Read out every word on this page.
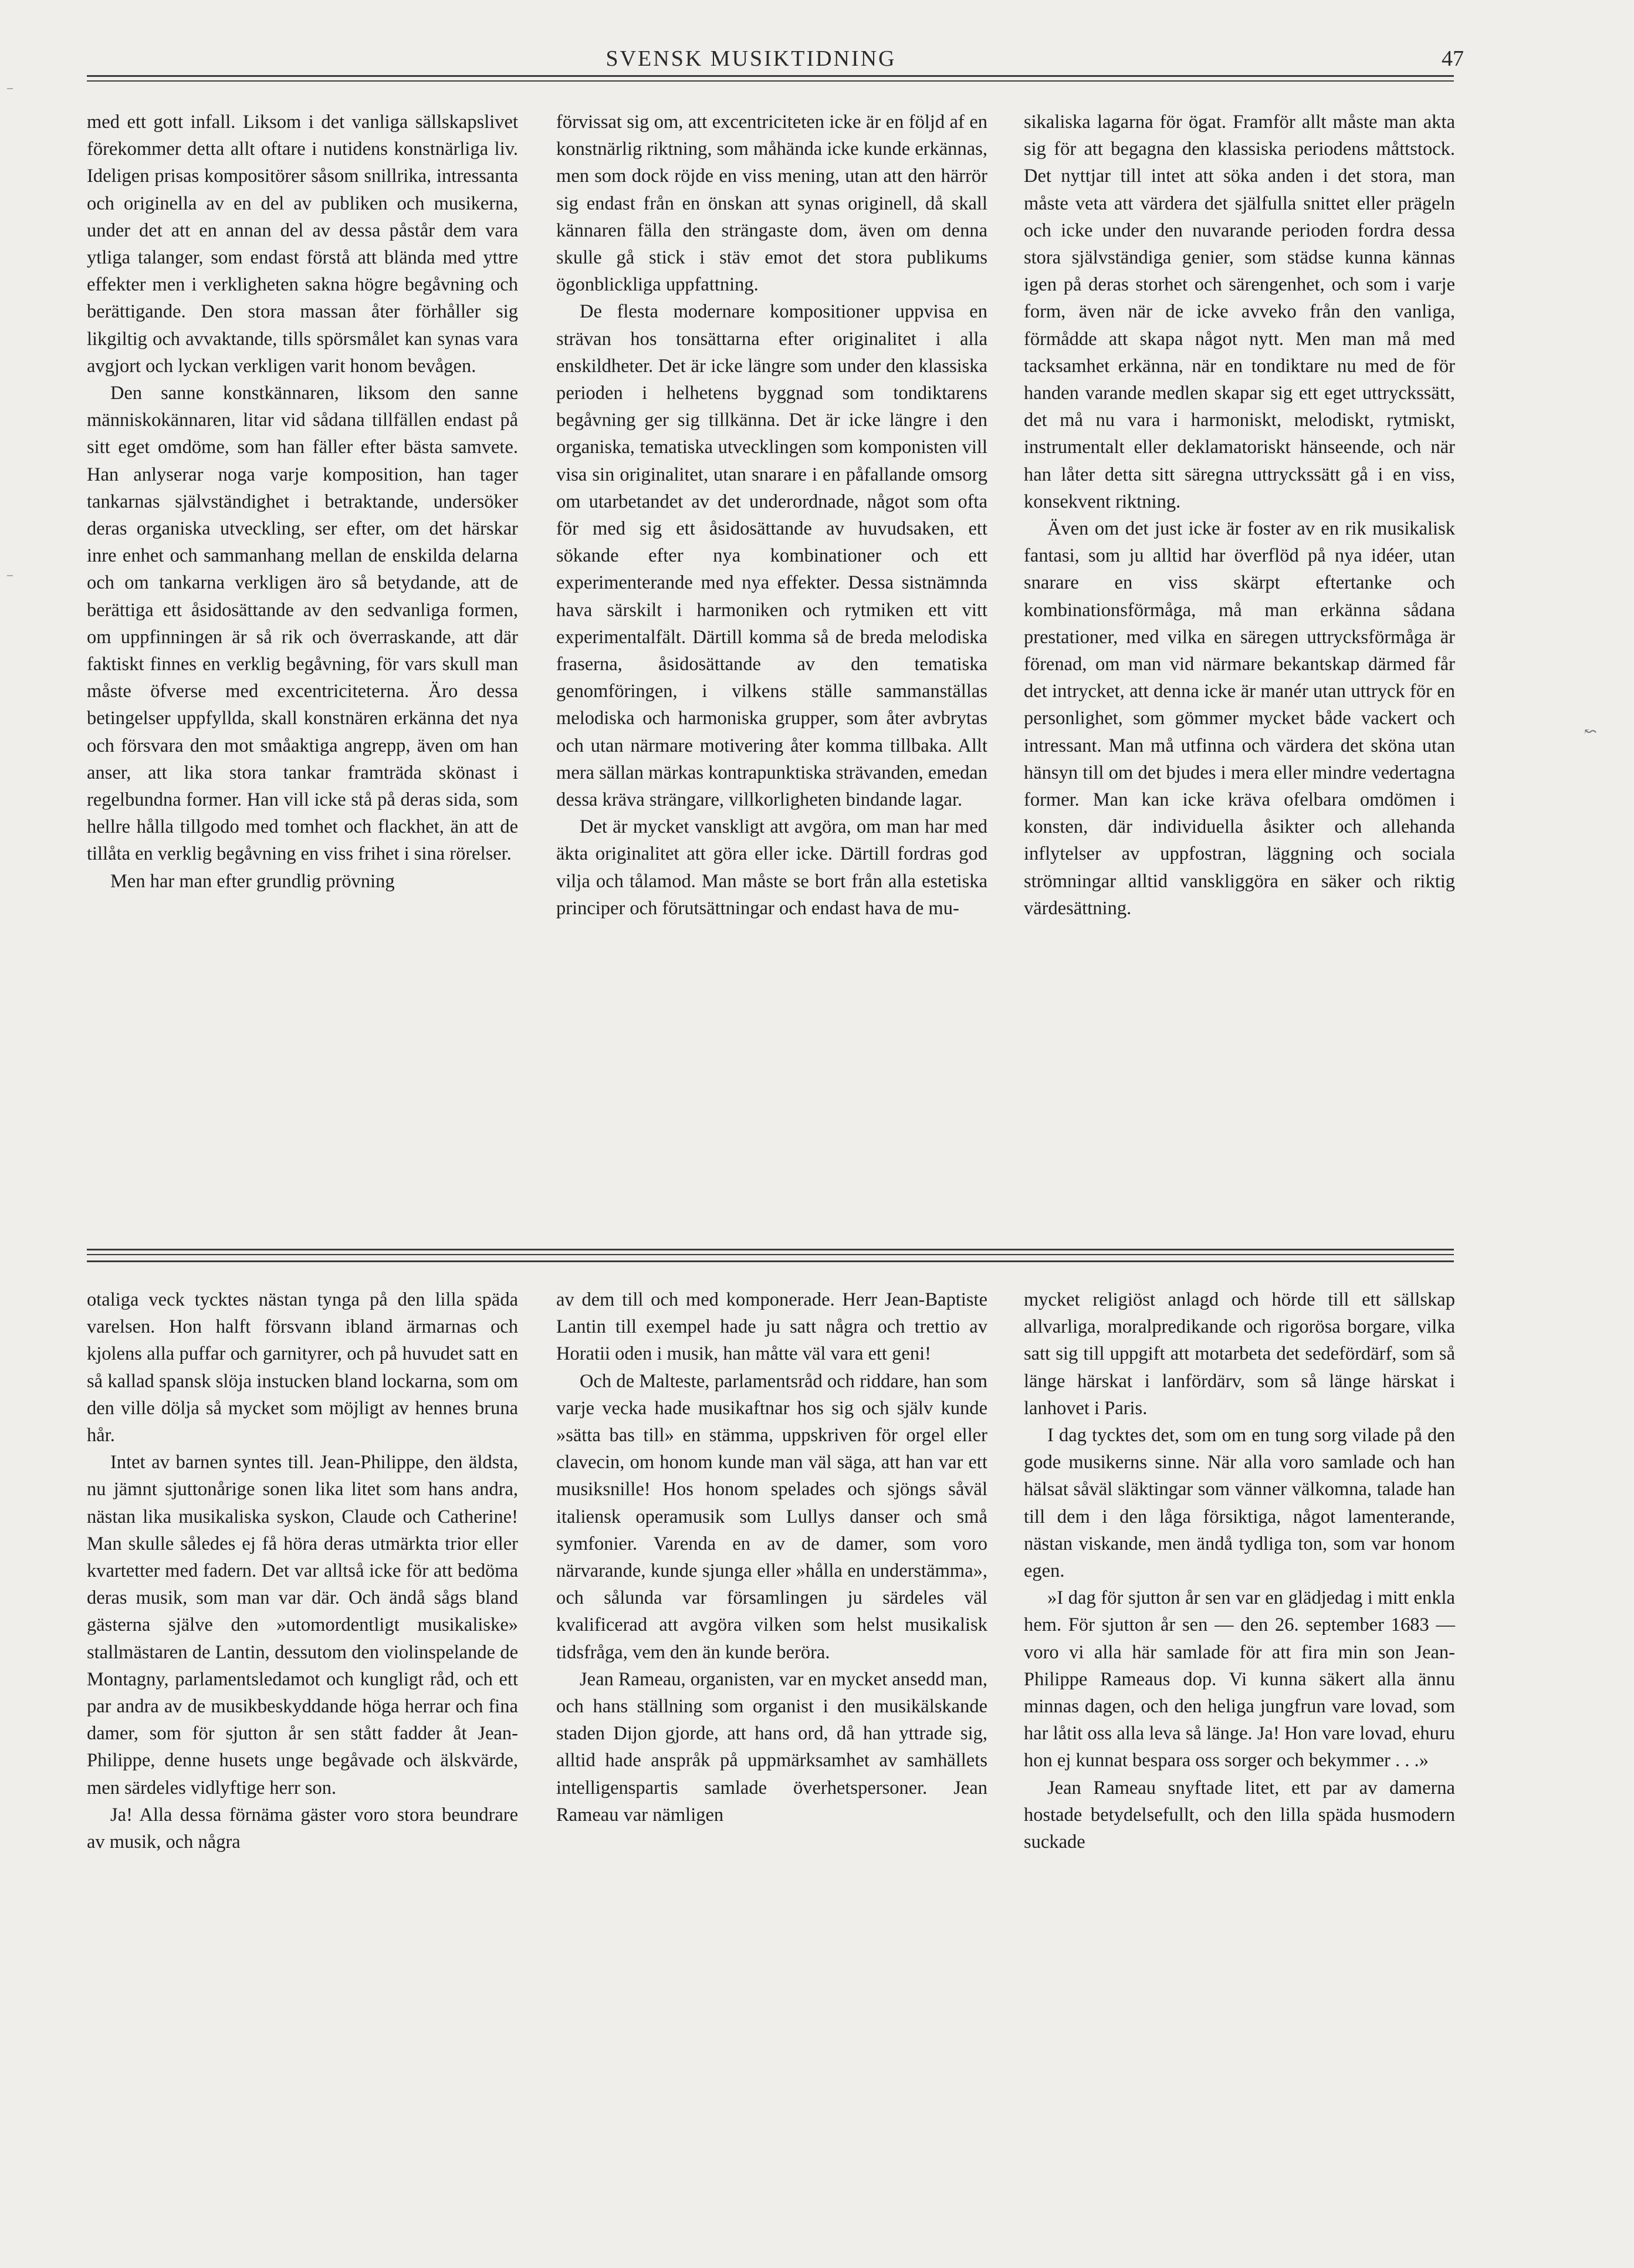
SVENSK MUSIKTIDNING	47

med ett gott infall. Liksom i det vanliga sällskapslivet förekommer detta allt oftare i nutidens konstnärliga liv. Ideligen prisas kompositörer såsom snillrika, intressanta och originella av en del av publiken och musikerna, under det att en annan del av dessa påstår dem vara ytliga talanger, som endast förstå att blända med yttre effekter men i verkligheten sakna högre begåvning och berättigande. Den stora massan åter förhåller sig likgiltig och avvaktande, tills spörsmålet kan synas vara avgjort och lyckan verkligen varit honom bevågen.

Den sanne konstkännaren, liksom den sanne människokännaren, litar vid sådana tillfällen endast på sitt eget omdöme, som han fäller efter bästa samvete. Han anlyserar noga varje komposition, han tager tankarnas självständighet i betraktande, undersöker deras organiska utveckling, ser efter, om det härskar inre enhet och sammanhang mellan de enskilda delarna och om tankarna verkligen äro så betydande, att de berättiga ett åsidosättande av den sedvanliga formen, om uppfinningen är så rik och överraskande, att där faktiskt finnes en verklig begåvning, för vars skull man måste öfverse med excentriciteterna. Äro dessa betingelser uppfyllda, skall konstnären erkänna det nya och försvara den mot småaktiga angrepp, även om han anser, att lika stora tankar framträda skönast i regelbundna former. Han vill icke stå på deras sida, som hellre hålla tillgodo med tomhet och flackhet, än att de tillåta en verklig begåvning en viss frihet i sina rörelser.

Men har man efter grundlig prövning

förvissat sig om, att excentriciteten icke är en följd af en konstnärlig riktning, som måhända icke kunde erkännas, men som dock röjde en viss mening, utan att den härrör sig endast från en önskan att synas originell, då skall kännaren fälla den strängaste dom, även om denna skulle gå stick i stäv emot det stora publikums ögonblickliga uppfattning.

De flesta modernare kompositioner uppvisa en strävan hos tonsättarna efter originalitet i alla enskildheter. Det är icke längre som under den klassiska perioden i helhetens byggnad som tondiktarens begåvning ger sig tillkänna. Det är icke längre i den organiska, tematiska utvecklingen som komponisten vill visa sin originalitet, utan snarare i en påfallande omsorg om utarbetandet av det underordnade, något som ofta för med sig ett åsidosättande av huvudsaken, ett sökande efter nya kombinationer och ett experimenterande med nya effekter. Dessa sistnämnda hava särskilt i harmoniken och rytmiken ett vitt experimentalfält. Därtill komma så de breda melodiska fraserna, åsidosättande av den tematiska genomföringen, i vilkens ställe sammanställas melodiska och harmoniska grupper, som åter avbrytas och utan närmare motivering åter komma tillbaka. Allt mera sällan märkas kontrapunktiska strävanden, emedan dessa kräva strängare, villkorligheten bindande lagar.

Det är mycket vanskligt att avgöra, om man har med äkta originalitet att göra eller icke. Därtill fordras god vilja och tålamod. Man måste se bort från alla estetiska principer och förutsättningar och endast hava de mu-

sikaliska lagarna för ögat. Framför allt måste man akta sig för att begagna den klassiska periodens måttstock. Det nyttjar till intet att söka anden i det stora, man måste veta att värdera det själfulla snittet eller prägeln och icke under den nuvarande perioden fordra dessa stora självständiga genier, som städse kunna kännas igen på deras storhet och särengenhet, och som i varje form, även när de icke avveko från den vanliga, förmådde att skapa något nytt. Men man må med tacksamhet erkänna, när en tondiktare nu med de för handen varande medlen skapar sig ett eget uttryckssätt, det må nu vara i harmoniskt, melodiskt, rytmiskt, instrumentalt eller deklamatoriskt hänseende, och när han låter detta sitt säregna uttryckssätt gå i en viss, konsekvent riktning.

Även om det just icke är foster av en rik musikalisk fantasi, som ju alltid har överflöd på nya idéer, utan snarare en viss skärpt eftertanke och kombinationsförmåga, må man erkänna sådana prestationer, med vilka en säregen uttrycksförmåga är förenad, om man vid närmare bekantskap därmed får det intrycket, att denna icke är manér utan uttryck för en personlighet, som gömmer mycket både vackert och intressant. Man må utfinna och värdera det sköna utan hänsyn till om det bjudes i mera eller mindre vedertagna former. Man kan icke kräva ofelbara omdömen i konsten, där individuella åsikter och allehanda inflytelser av uppfostran, läggning och sociala strömningar alltid vanskliggöra en säker och riktig värdesättning.

↜

otaliga veck tycktes nästan tynga på den lilla späda varelsen. Hon halft försvann ibland ärmarnas och kjolens alla puffar och garnityrer, och på huvudet satt en så kallad spansk slöja instucken bland lockarna, som om den ville dölja så mycket som möjligt av hennes bruna hår.

Intet av barnen syntes till. Jean-Philippe, den äldsta, nu jämnt sjuttonårige sonen lika litet som hans andra, nästan lika musikaliska syskon, Claude och Catherine! Man skulle således ej få höra deras utmärkta trior eller kvartetter med fadern. Det var alltså icke för att bedöma deras musik, som man var där. Och ändå sågs bland gästerna själve den »utomordentligt musikaliske» stallmästaren de Lantin, dessutom den violinspelande de Montagny, parlamentsledamot och kungligt råd, och ett par andra av de musikbeskyddande höga herrar och fina damer, som för sjutton år sen stått fadder åt Jean-Philippe, denne husets unge begåvade och älskvärde, men särdeles vidlyftige herr son.

Ja! Alla dessa förnäma gäster voro stora beundrare av musik, och några

av dem till och med komponerade. Herr Jean-Baptiste Lantin till exempel hade ju satt några och trettio av Horatii oden i musik, han måtte väl vara ett geni!

Och de Malteste, parlamentsråd och riddare, han som varje vecka hade musikaftnar hos sig och själv kunde »sätta bas till» en stämma, uppskriven för orgel eller clavecin, om honom kunde man väl säga, att han var ett musiksnille! Hos honom spelades och sjöngs såväl italiensk operamusik som Lullys danser och små symfonier. Varenda en av de damer, som voro närvarande, kunde sjunga eller »hålla en understämma», och sålunda var församlingen ju särdeles väl kvalificerad att avgöra vilken som helst musikalisk tidsfråga, vem den än kunde beröra.

Jean Rameau, organisten, var en mycket ansedd man, och hans ställning som organist i den musikälskande staden Dijon gjorde, att hans ord, då han yttrade sig, alltid hade anspråk på uppmärksamhet av samhällets intelligenspartis samlade överhetspersoner. Jean Rameau var nämligen

mycket religiöst anlagd och hörde till ett sällskap allvarliga, moralpredikande och rigorösa borgare, vilka satt sig till uppgift att motarbeta det sedefördärf, som så länge härskat i lanfördärv, som så länge härskat i lanhovet i Paris.

I dag tycktes det, som om en tung sorg vilade på den gode musikerns sinne. När alla voro samlade och han hälsat såväl släktingar som vänner välkomna, talade han till dem i den låga försiktiga, något lamenterande, nästan viskande, men ändå tydliga ton, som var honom egen.

»I dag för sjutton år sen var en glädjedag i mitt enkla hem. För sjutton år sen — den 26. september 1683 — voro vi alla här samlade för att fira min son Jean-Philippe Rameaus dop. Vi kunna säkert alla ännu minnas dagen, och den heliga jungfrun vare lovad, som har låtit oss alla leva så länge. Ja! Hon vare lovad, ehuru hon ej kunnat bespara oss sorger och bekymmer . . .»

Jean Rameau snyftade litet, ett par av damerna hostade betydelsefullt, och den lilla späda husmodern suckade
